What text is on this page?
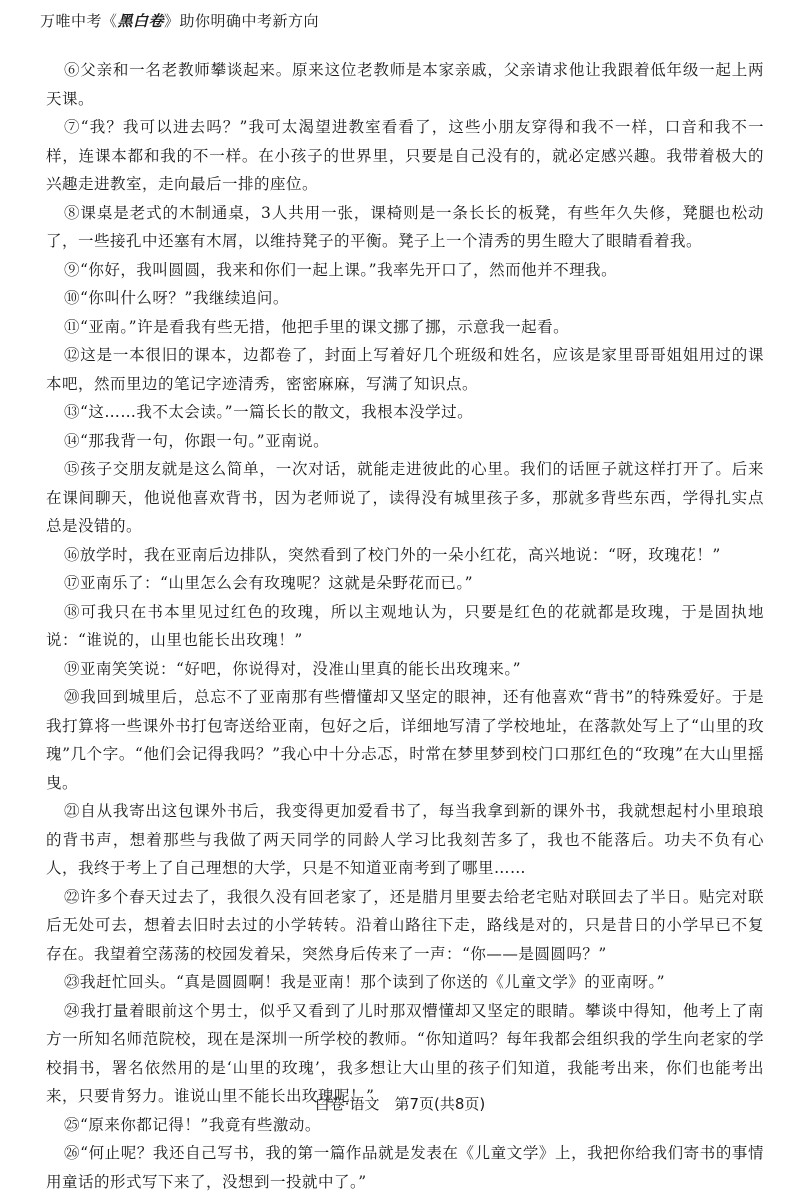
万唯中考《黑白卷》助你明确中考新方向

⑥父亲和一名老教师攀谈起来。原来这位老教师是本家亲戚，父亲请求他让我跟着低年级一起上两天课。

⑦“我？我可以进去吗？”我可太渴望进教室看看了，这些小朋友穿得和我不一样，口音和我不一样，连课本都和我的不一样。在小孩子的世界里，只要是自己没有的，就必定感兴趣。我带着极大的兴趣走进教室，走向最后一排的座位。

⑧课桌是老式的木制通桌，3人共用一张，课椅则是一条长长的板凳，有些年久失修，凳腿也松动了，一些接孔中还塞有木屑，以维持凳子的平衡。凳子上一个清秀的男生瞪大了眼睛看着我。

⑨“你好，我叫圆圆，我来和你们一起上课。”我率先开口了，然而他并不理我。

⑩“你叫什么呀？”我继续追问。

⑪“亚南。”许是看我有些无措，他把手里的课文挪了挪，示意我一起看。

⑫这是一本很旧的课本，边都卷了，封面上写着好几个班级和姓名，应该是家里哥哥姐姐用过的课本吧，然而里边的笔记字迹清秀，密密麻麻，写满了知识点。

⑬“这……我不太会读。”一篇长长的散文，我根本没学过。

⑭“那我背一句，你跟一句。”亚南说。

⑮孩子交朋友就是这么简单，一次对话，就能走进彼此的心里。我们的话匣子就这样打开了。后来在课间聊天，他说他喜欢背书，因为老师说了，读得没有城里孩子多，那就多背些东西，学得扎实点总是没错的。

⑯放学时，我在亚南后边排队，突然看到了校门外的一朵小红花，高兴地说：“呀，玫瑰花！”

⑰亚南乐了：“山里怎么会有玫瑰呢？这就是朵野花而已。”

⑱可我只在书本里见过红色的玫瑰，所以主观地认为，只要是红色的花就都是玫瑰，于是固执地说：“谁说的，山里也能长出玫瑰！”

⑲亚南笑笑说：“好吧，你说得对，没准山里真的能长出玫瑰来。”

⑳我回到城里后，总忘不了亚南那有些懵懂却又坚定的眼神，还有他喜欢“背书”的特殊爱好。于是我打算将一些课外书打包寄送给亚南，包好之后，详细地写清了学校地址，在落款处写上了“山里的玫瑰”几个字。“他们会记得我吗？”我心中十分忐忑，时常在梦里梦到校门口那红色的“玫瑰”在大山里摇曳。

㉑自从我寄出这包课外书后，我变得更加爱看书了，每当我拿到新的课外书，我就想起村小里琅琅的背书声，想着那些与我做了两天同学的同龄人学习比我刻苦多了，我也不能落后。功夫不负有心人，我终于考上了自己理想的大学，只是不知道亚南考到了哪里……

㉒许多个春天过去了，我很久没有回老家了，还是腊月里要去给老宅贴对联回去了半日。贴完对联后无处可去，想着去旧时去过的小学转转。沿着山路往下走，路线是对的，只是昔日的小学早已不复存在。我望着空荡荡的校园发着呆，突然身后传来了一声：“你——是圆圆吗？”

㉓我赶忙回头。“真是圆圆啊！我是亚南！那个读到了你送的《儿童文学》的亚南呀。”

㉔我打量着眼前这个男士，似乎又看到了儿时那双懵懂却又坚定的眼睛。攀谈中得知，他考上了南方一所知名师范院校，现在是深圳一所学校的教师。“你知道吗？每年我都会组织我的学生向老家的学校捐书，署名依然用的是‘山里的玫瑰’，我多想让大山里的孩子们知道，我能考出来，你们也能考出来，只要肯努力。谁说山里不能长出玫瑰呢！”

㉕“原来你都记得！”我竟有些激动。

㉖“何止呢？我还自己写书，我的第一篇作品就是发表在《儿童文学》上，我把你给我们寄书的事情用童话的形式写下来了，没想到一投就中了。”

白卷·语文　第7页(共8页)
